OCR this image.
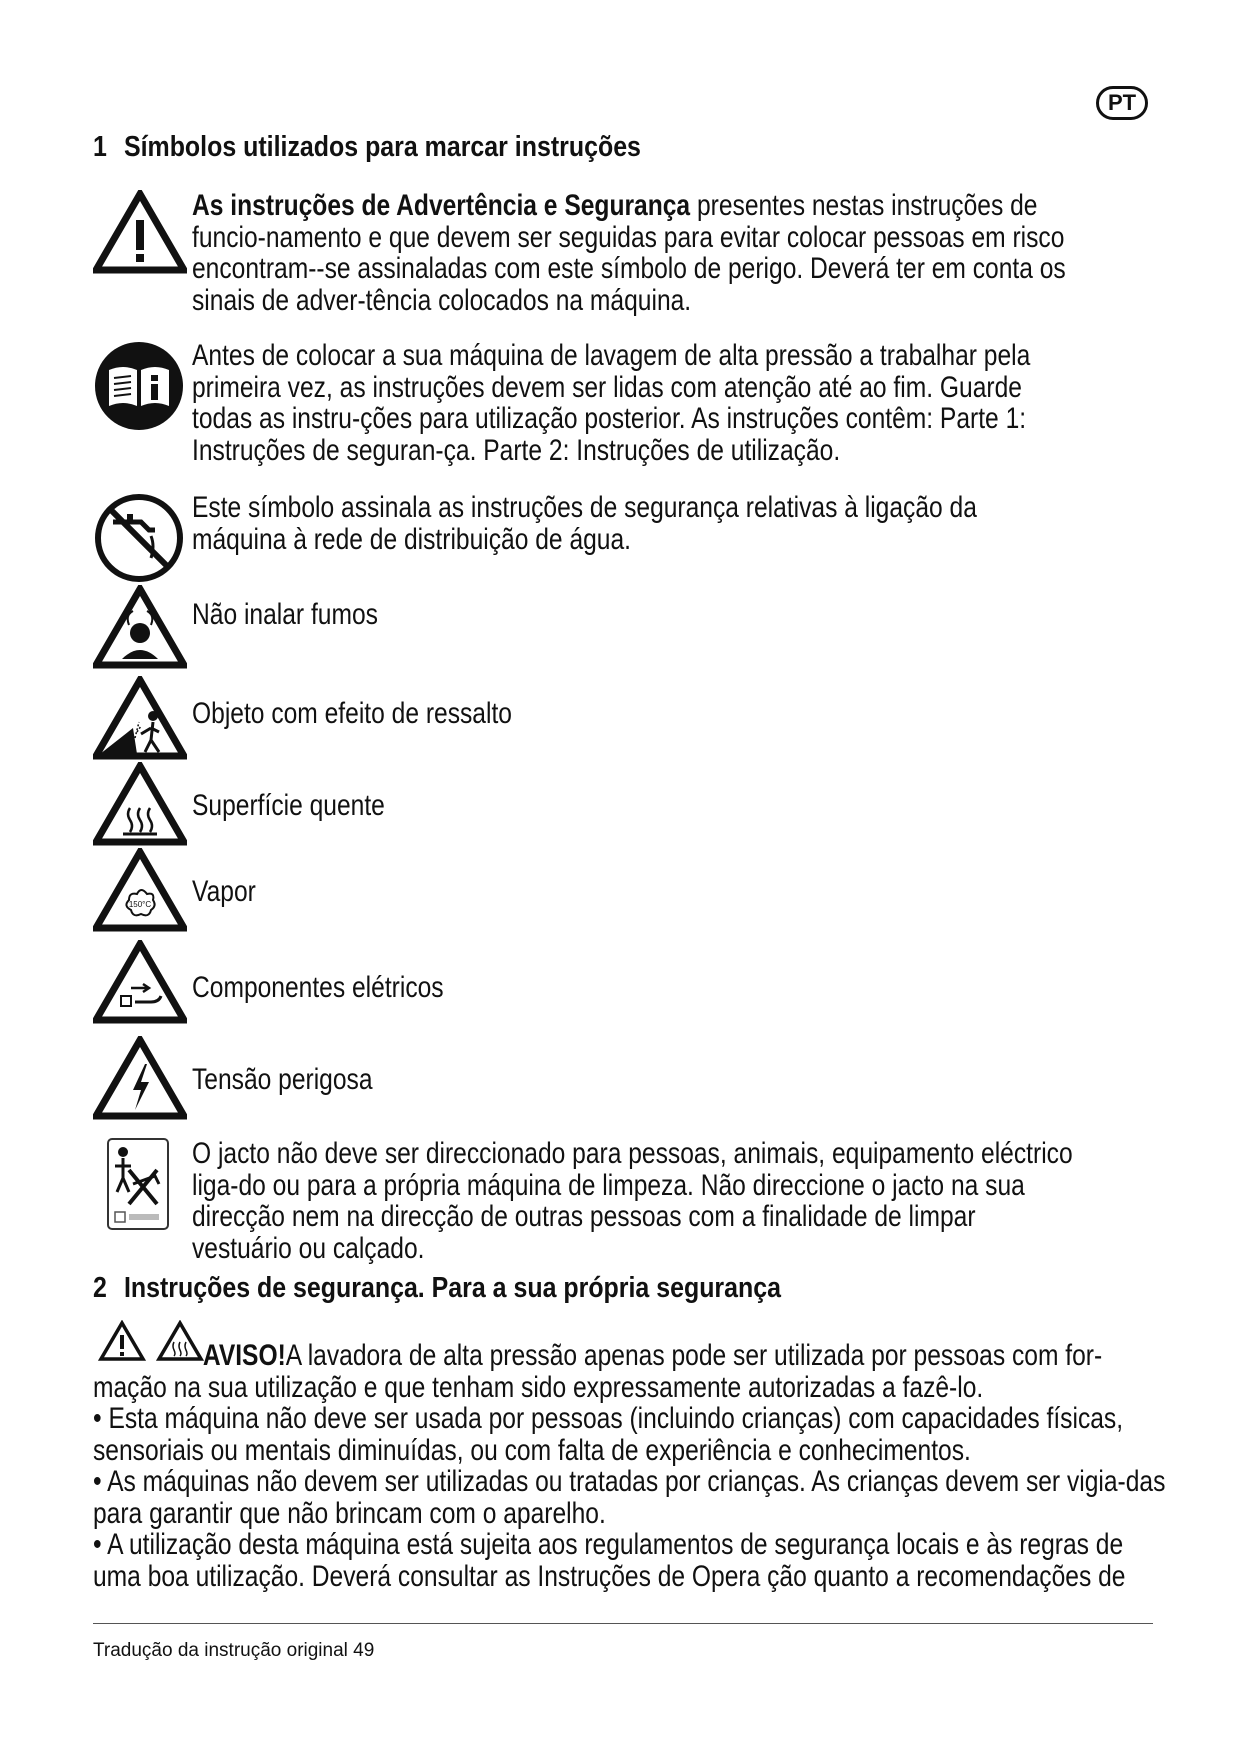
PT
1 Símbolos utilizados para marcar instruções
As instruções de Advertência e Segurança presentes nestas instruções de funcio-namento e que devem ser seguidas para evitar colocar pessoas em risco encontram--se assinaladas com este símbolo de perigo. Deverá ter em conta os sinais de adver-tência colocados na máquina.
Antes de colocar a sua máquina de lavagem de alta pressão a trabalhar pela primeira vez, as instruções devem ser lidas com atenção até ao fim. Guarde todas as instru-ções para utilização posterior. As instruções contêm: Parte 1: Instruções de seguran-ça. Parte 2: Instruções de utilização.
Este símbolo assinala as instruções de segurança relativas à ligação da máquina à rede de distribuição de água.
Não inalar fumos
Objeto com efeito de ressalto
Superfície quente
150°C Vapor
Componentes elétricos
Tensão perigosa
O jacto não deve ser direccionado para pessoas, animais, equipamento eléctrico liga-do ou para a própria máquina de limpeza. Não direccione o jacto na sua direcção nem na direcção de outras pessoas com a finalidade de limpar vestuário ou calçado.
2 Instruções de segurança. Para a sua própria segurança

AVISO!A lavadora de alta pressão apenas pode ser utilizada por pessoas com for-mação na sua utilização e que tenham sido expressamente autorizadas a fazê-lo.

• Esta máquina não deve ser usada por pessoas (incluindo crianças) com capacidades físicas, sensoriais ou mentais diminuídas, ou com falta de experiência e conhecimentos.

• As máquinas não devem ser utilizadas ou tratadas por crianças. As crianças devem ser vigia-das para garantir que não brincam com o aparelho.

• A utilização desta máquina está sujeita aos regulamentos de segurança locais e às regras de uma boa utilização. Deverá consultar as Instruções de Opera ção quanto a recomendações de

Tradução da instrução original 49
